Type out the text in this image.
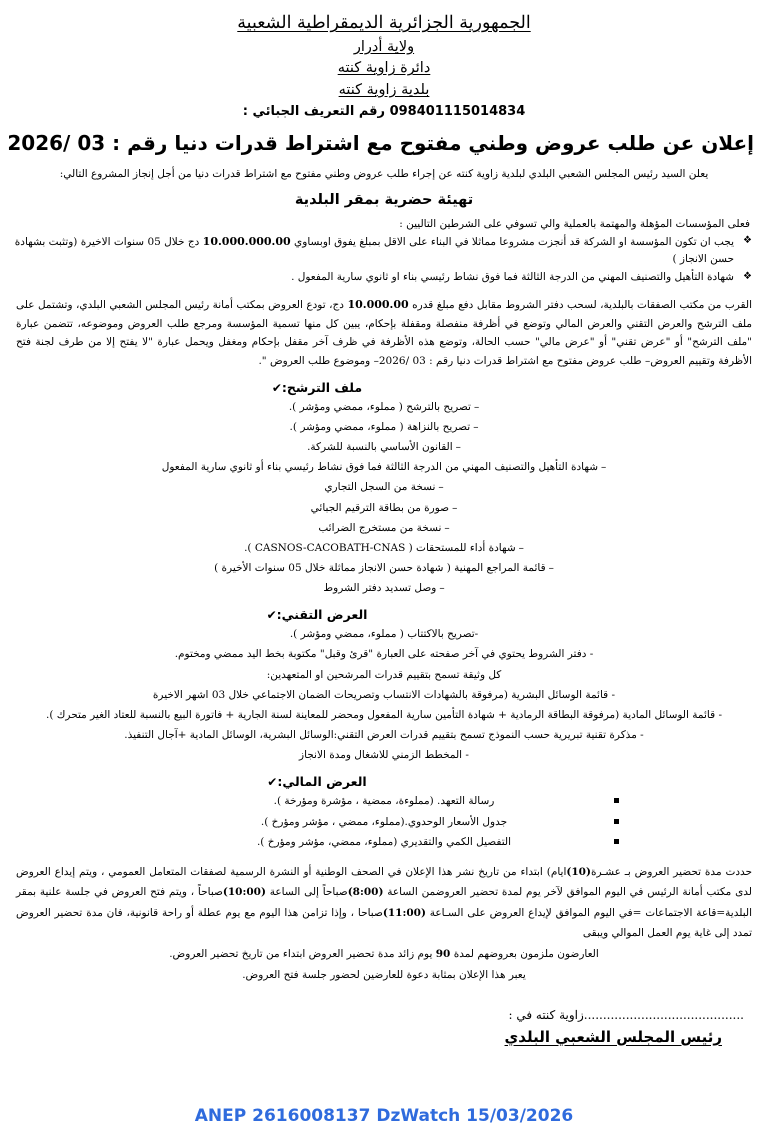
الجمهورية الجزائرية الديمقراطية الشعبية
ولاية أدرار
دائرة زاوية كنته
بلدية زاوية كنته
098401115014834 رقم التعريف الجبائي :
إعلان عن طلب عروض وطني مفتوح مع اشتراط قدرات دنيا رقم : 03 /2026
يعلن السيد رئيس المجلس الشعبي البلدي لبلدية زاوية كنته عن إجراء طلب عروض وطني مفتوح مع اشتراط قدرات دنيا من أجل إنجاز المشروع التالي:
تهيئة حضرية بمقر البلدية
فعلى المؤسسات المؤهلة والمهتمة بالعملية والي تسوفي على الشرطين التاليين :
❖
يجب ان تكون المؤسسة او الشركة قد أنجزت مشروعا مماثلا في البناء على الاقل بمبلغ يفوق اوبساوي 10.000.000.00 دج خلال 05 سنوات الاخيرة (وتثبت بشهادة حسن الانجاز )
❖
شهادة التأهيل والتصنيف المهني من الدرجة الثالثة فما فوق نشاط رئيسي بناء او ثانوي سارية المفعول .
القرب من مكتب الصفقات بالبلدية، لسحب دفتر الشروط مقابل دفع مبلغ قدره 10.000.00 دج، تودع العروض بمكتب أمانة رئيس المجلس الشعبي البلدي، وتشتمل على ملف الترشح والعرض التقني والعرض المالي وتوضع في أظرفة منفصلة ومقفلة بإحكام، يبين كل منها تسمية المؤسسة ومرجع طلب العروض وموضوعه، تتضمن عبارة "ملف الترشح" أو "عرض تقني" أو "عرض مالي" حسب الحالة، وتوضع هذه الأظرفة في ظرف آخر مقفل بإحكام ومغفل ويحمل عبارة "لا يفتح إلا من طرف لجنة فتح الأظرفة وتقييم العروض– طلب عروض مفتوح مع اشتراط قدرات دنيا رقم : 03 /2026– وموضوع طلب العروض ".
ملف الترشح:✔
–تصريح بالترشح ( مملوء، ممضي ومؤشر ).
–تصريح بالنزاهة ( مملوء، ممضي ومؤشر ).
–القانون الأساسي بالنسبة للشركة.
–شهادة التأهيل والتصنيف المهني من الدرجة الثالثة فما فوق نشاط رئيسي بناء أو ثانوي سارية المفعول
–نسخة من السجل التجاري
–صورة من بطاقة الترقيم الجبائي
–نسخة من مستخرج الضرائب
–شهادة أداء للمستحقات ( CASNOS-CACOBATH-CNAS ).
–قائمة المراجع المهنية ( شهادة حسن الانجاز مماثلة خلال 05 سنوات الأخيرة )
–وصل تسديد دفتر الشروط
العرض التقني:✔
-تصريح بالاكتتاب ( مملوء، ممضي ومؤشر ).
- دفتر الشروط يحتوي في آخر صفحته على العبارة "قرئ وقبل" مكتوبة بخط اليد ممضي ومختوم.
كل وثيقة تسمح بتقييم قدرات المرشحين او المتعهدين:
- قائمة الوسائل البشرية (مرفوقة بالشهادات الانتساب وتصريحات الضمان الاجتماعي خلال 03 اشهر الاخيرة
- قائمة الوسائل المادية (مرفوقة البطاقة الرمادية + شهادة التأمين سارية المفعول ومحضر للمعاينة لسنة الجارية + فاتورة البيع بالنسبة للعتاد الغير متحرك ).
- مذكرة تقنية تبريرية حسب النموذج تسمح بتقييم قدرات العرض التقني:الوسائل البشرية، الوسائل المادية +آجال التنفيذ.
- المخطط الزمني للاشغال ومدة الانجاز
العرض المالي:✔
رسالة التعهد. (مملوءة، ممضية ، مؤشرة ومؤرخة ).
جدول الأسعار الوحدوي.(مملوء، ممضي ، مؤشر ومؤرخ ).
التفصيل الكمي والتقديري (مملوء، ممضي، مؤشر ومؤرخ ).
حددت مدة تحضير العروض بـ عشـرة(10)ايام) ابتداء من تاريخ نشر هذا الإعلان في الصحف الوطنية أو النشرة الرسمية لصفقات المتعامل العمومي ، ويتم إيداع العروض لدى مكتب أمانة الرئيس في اليوم الموافق لآخر يوم لمدة تحضير العروضمن الساعة (8:00)صباحاً إلى الساعة (10:00)صباحاً ، ويتم فتح العروض في جلسة علنية بمقر البلدية=قاعة الاجتماعات =في اليوم الموافق لإيداع العروض على السـاعة (11:00)صباحا ، وإذا تزامن هذا اليوم مع يوم عطلة أو راحة قانونية، فان مدة تحضير العروض تمدد إلى غاية يوم العمل الموالي ويبقى
العارضون ملزمون بعروضهم لمدة 90 يوم زائد مدة تحضير العروض ابتداء من تاريخ تحضير العروض.
يعبر هذا الإعلان بمثابة دعوة للعارضين لحضور جلسة فتح العروض.
..........................................زاوية كنته في :
رئيس المجلس الشعبي البلدي
ANEP 2616008137 DzWatch 15/03/2026
